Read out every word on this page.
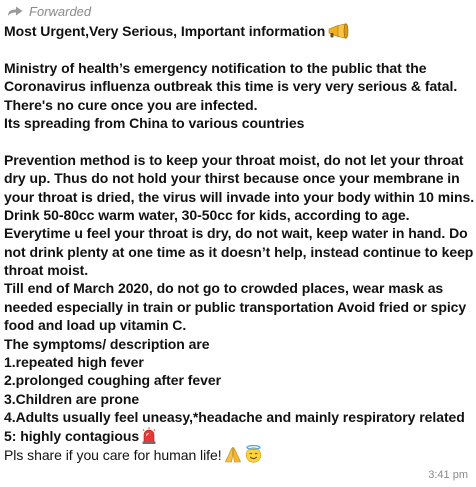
Forwarded
Most Urgent,Very Serious, Important information
Ministry of health’s emergency notification to the public that the
Coronavirus influenza outbreak this time is very very serious & fatal.
There's no cure once you are infected.
Its spreading from China to various countries
Prevention method is to keep your throat moist, do not let your throat
dry up. Thus do not hold your thirst because once your membrane in
your throat is dried, the virus will invade into your body within 10 mins.
Drink 50-80cc warm water, 30-50cc for kids, according to age.
Everytime u feel your throat is dry, do not wait, keep water in hand. Do
not drink plenty at one time as it doesn’t help, instead continue to keep
throat moist.
Till end of March 2020, do not go to crowded places, wear mask as
needed especially in train or public transportation Avoid fried or spicy
food and load up vitamin C.
The symptoms/ description are
1.repeated high fever
2.prolonged coughing after fever
3.Children are prone
4.Adults usually feel uneasy,*headache and mainly respiratory related
5: highly contagious
Pls share if you care for human life!
3:41 pm
